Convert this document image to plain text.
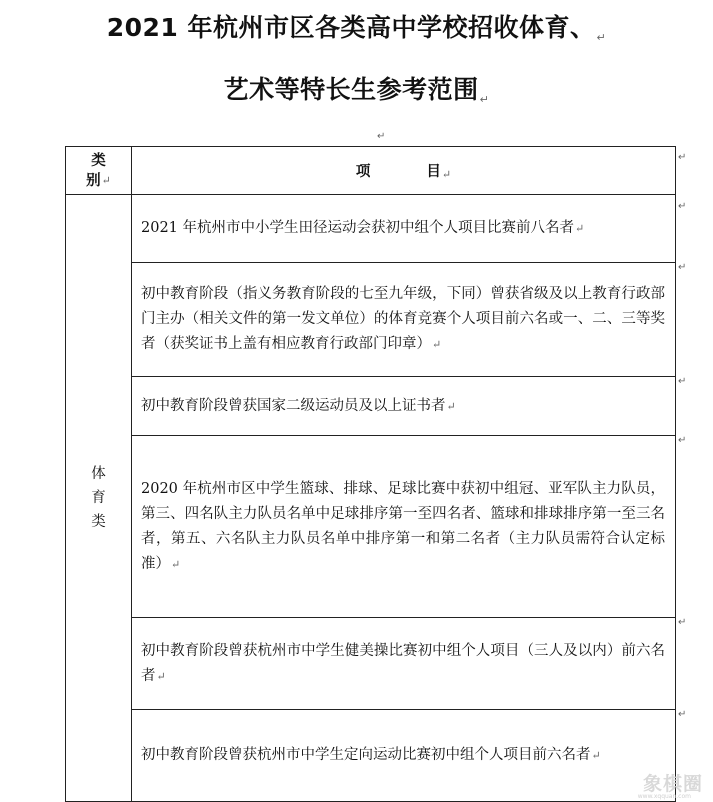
2021 年杭州市区各类高中学校招收体育、↵
艺术等特长生参考范围↵
↵
类
别↵	项 目↵

体
育
类	2021 年杭州市中小学生田径运动会获初中组个人项目比赛前八名者↵
	初中教育阶段（指义务教育阶段的七至九年级，下同）曾获省级及以上教育行政部门主办（相关文件的第一发文单位）的体育竞赛个人项目前六名或一、二、三等奖者（获奖证书上盖有相应教育行政部门印章）↵
	初中教育阶段曾获国家二级运动员及以上证书者↵
	2020 年杭州市区中学生篮球、排球、足球比赛中获初中组冠、亚军队主力队员，第三、四名队主力队员名单中足球排序第一至四名者、篮球和排球排序第一至三名者，第五、六名队主力队员名单中排序第一和第二名者（主力队员需符合认定标准）↵
	初中教育阶段曾获杭州市中学生健美操比赛初中组个人项目（三人及以内）前六名者↵
	初中教育阶段曾获杭州市中学生定向运动比赛初中组个人项目前六名者↵
↵
↵
↵
↵
↵
↵
↵
象棋圈
www.xqquan.com
